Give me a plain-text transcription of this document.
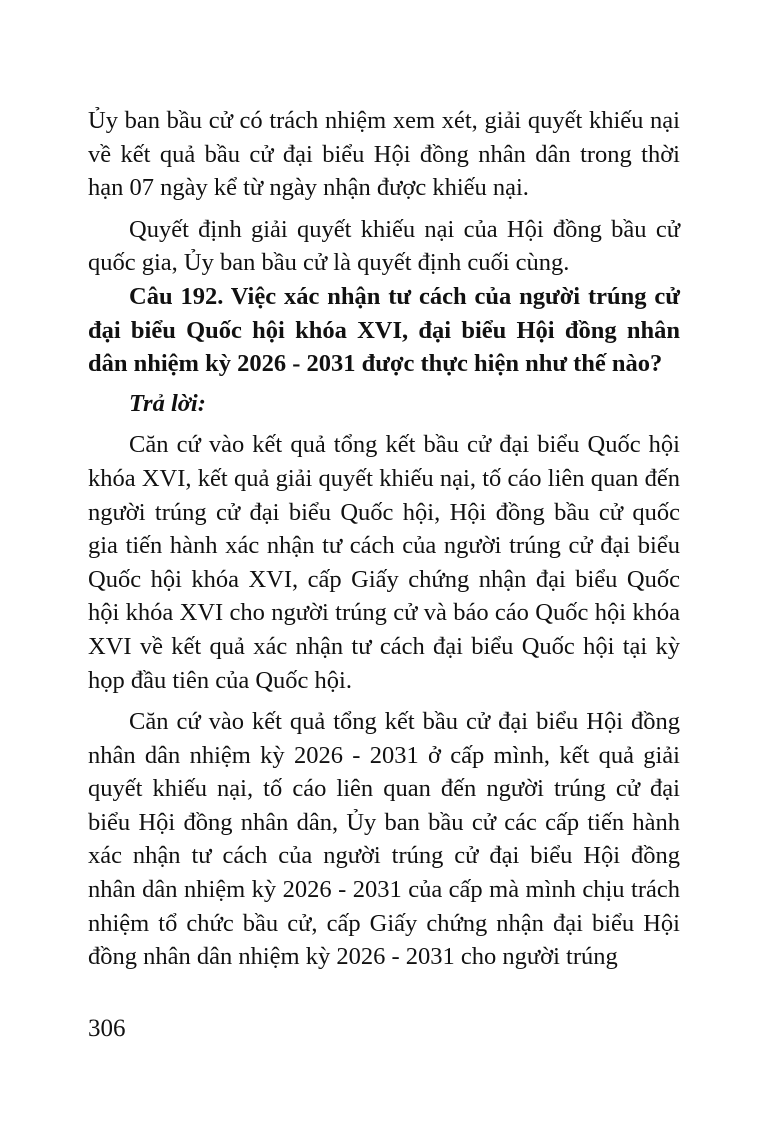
Ủy ban bầu cử có trách nhiệm xem xét, giải quyết khiếu nại về kết quả bầu cử đại biểu Hội đồng nhân dân trong thời hạn 07 ngày kể từ ngày nhận được khiếu nại.

Quyết định giải quyết khiếu nại của Hội đồng bầu cử quốc gia, Ủy ban bầu cử là quyết định cuối cùng.

Câu 192. Việc xác nhận tư cách của người trúng cử đại biểu Quốc hội khóa XVI, đại biểu Hội đồng nhân dân nhiệm kỳ 2026 - 2031 được thực hiện như thế nào?

Trả lời:

Căn cứ vào kết quả tổng kết bầu cử đại biểu Quốc hội khóa XVI, kết quả giải quyết khiếu nại, tố cáo liên quan đến người trúng cử đại biểu Quốc hội, Hội đồng bầu cử quốc gia tiến hành xác nhận tư cách của người trúng cử đại biểu Quốc hội khóa XVI, cấp Giấy chứng nhận đại biểu Quốc hội khóa XVI cho người trúng cử và báo cáo Quốc hội khóa XVI về kết quả xác nhận tư cách đại biểu Quốc hội tại kỳ họp đầu tiên của Quốc hội.

Căn cứ vào kết quả tổng kết bầu cử đại biểu Hội đồng nhân dân nhiệm kỳ 2026 - 2031 ở cấp mình, kết quả giải quyết khiếu nại, tố cáo liên quan đến người trúng cử đại biểu Hội đồng nhân dân, Ủy ban bầu cử các cấp tiến hành xác nhận tư cách của người trúng cử đại biểu Hội đồng nhân dân nhiệm kỳ 2026 - 2031 của cấp mà mình chịu trách nhiệm tổ chức bầu cử, cấp Giấy chứng nhận đại biểu Hội đồng nhân dân nhiệm kỳ 2026 - 2031 cho người trúng

306
